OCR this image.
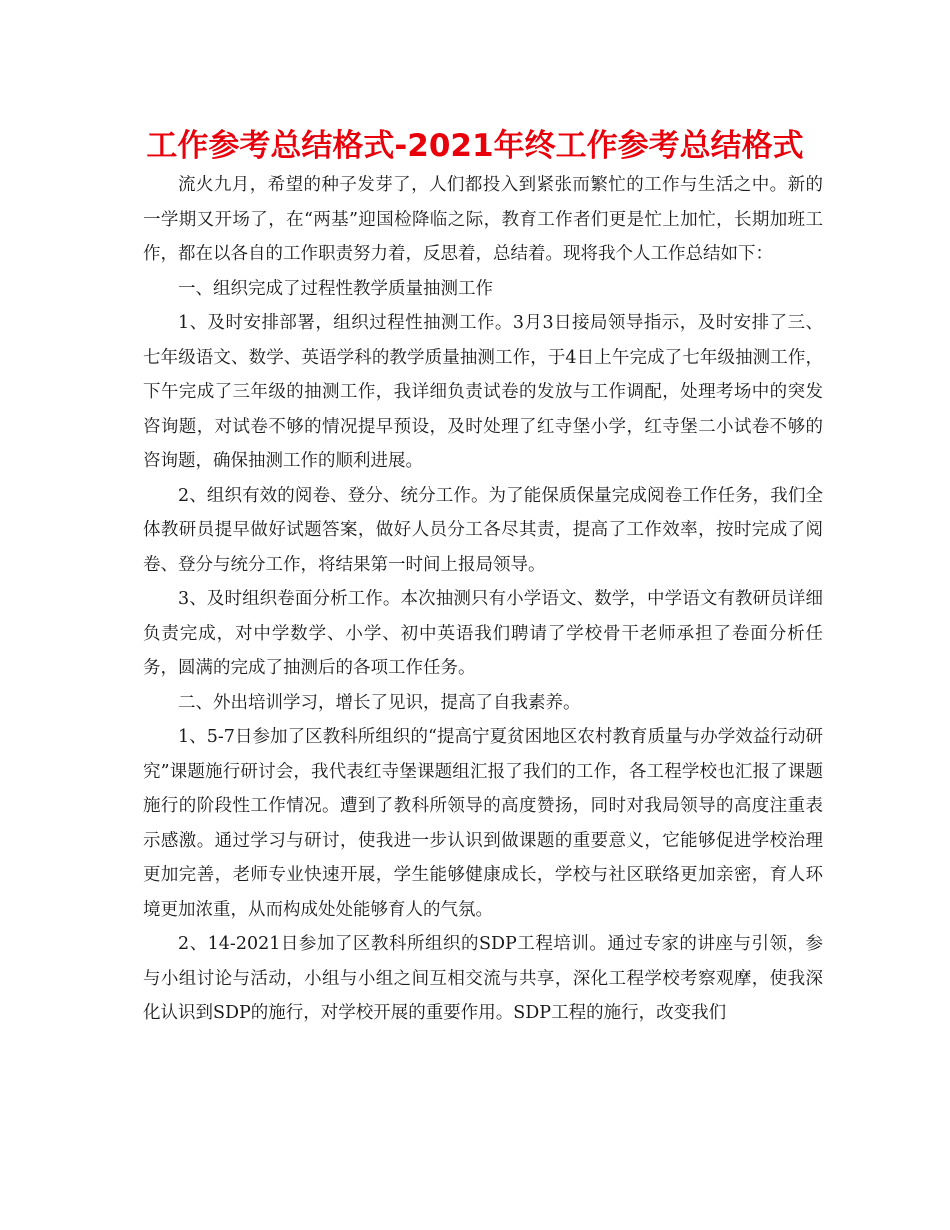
工作参考总结格式-2021年终工作参考总结格式

流火九月，希望的种子发芽了，人们都投入到紧张而繁忙的工作与生活之中。新的一学期又开场了，在“两基”迎国检降临之际，教育工作者们更是忙上加忙，长期加班工作，都在以各自的工作职责努力着，反思着，总结着。现将我个人工作总结如下：

一、组织完成了过程性教学质量抽测工作

1、及时安排部署，组织过程性抽测工作。3月3日接局领导指示，及时安排了三、七年级语文、数学、英语学科的教学质量抽测工作，于4日上午完成了七年级抽测工作，下午完成了三年级的抽测工作，我详细负责试卷的发放与工作调配，处理考场中的突发咨询题，对试卷不够的情况提早预设，及时处理了红寺堡小学，红寺堡二小试卷不够的咨询题，确保抽测工作的顺利进展。

2、组织有效的阅卷、登分、统分工作。为了能保质保量完成阅卷工作任务，我们全体教研员提早做好试题答案，做好人员分工各尽其责，提高了工作效率，按时完成了阅卷、登分与统分工作，将结果第一时间上报局领导。

3、及时组织卷面分析工作。本次抽测只有小学语文、数学，中学语文有教研员详细负责完成，对中学数学、小学、初中英语我们聘请了学校骨干老师承担了卷面分析任务，圆满的完成了抽测后的各项工作任务。

二、外出培训学习，增长了见识，提高了自我素养。

1、5-7日参加了区教科所组织的“提高宁夏贫困地区农村教育质量与办学效益行动研究”课题施行研讨会，我代表红寺堡课题组汇报了我们的工作，各工程学校也汇报了课题施行的阶段性工作情况。遭到了教科所领导的高度赞扬，同时对我局领导的高度注重表示感激。通过学习与研讨，使我进一步认识到做课题的重要意义，它能够促进学校治理更加完善，老师专业快速开展，学生能够健康成长，学校与社区联络更加亲密，育人环境更加浓重，从而构成处处能够育人的气氛。

2、14-2021日参加了区教科所组织的SDP工程培训。通过专家的讲座与引领，参与小组讨论与活动，小组与小组之间互相交流与共享，深化工程学校考察观摩，使我深化认识到SDP的施行，对学校开展的重要作用。SDP工程的施行，改变我们
